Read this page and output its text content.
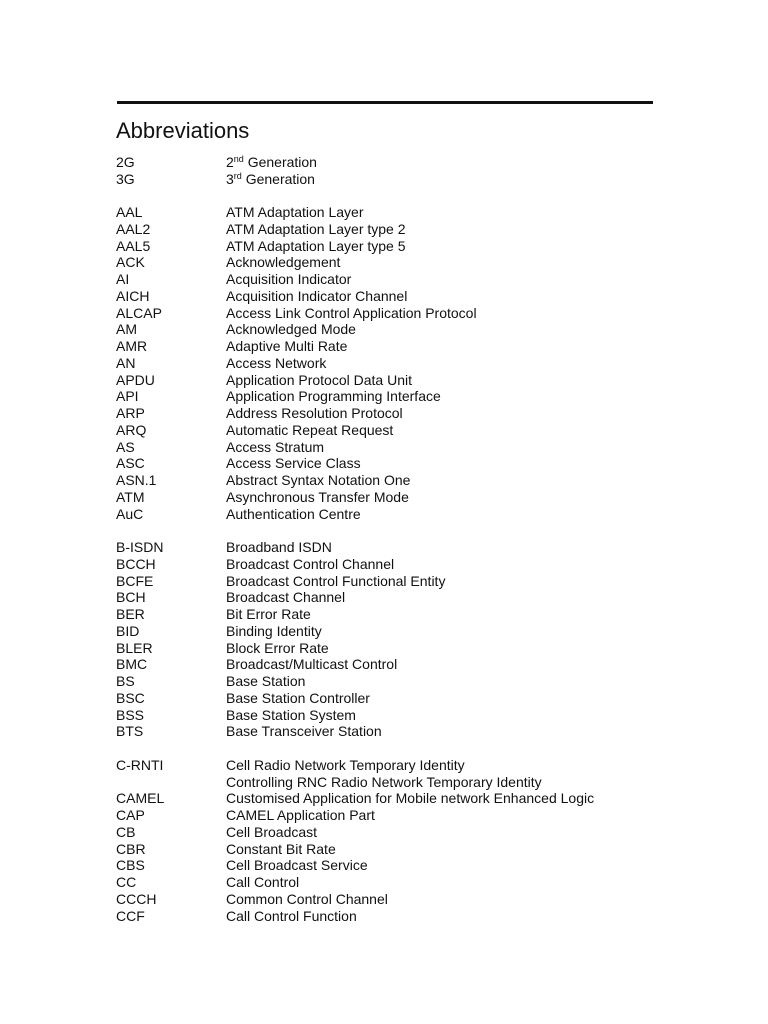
Abbreviations
2G	2nd Generation
3G	3rd Generation
AAL	ATM Adaptation Layer
AAL2	ATM Adaptation Layer type 2
AAL5	ATM Adaptation Layer type 5
ACK	Acknowledgement
AI	Acquisition Indicator
AICH	Acquisition Indicator Channel
ALCAP	Access Link Control Application Protocol
AM	Acknowledged Mode
AMR	Adaptive Multi Rate
AN	Access Network
APDU	Application Protocol Data Unit
API	Application Programming Interface
ARP	Address Resolution Protocol
ARQ	Automatic Repeat Request
AS	Access Stratum
ASC	Access Service Class
ASN.1	Abstract Syntax Notation One
ATM	Asynchronous Transfer Mode
AuC	Authentication Centre
B-ISDN	Broadband ISDN
BCCH	Broadcast Control Channel
BCFE	Broadcast Control Functional Entity
BCH	Broadcast Channel
BER	Bit Error Rate
BID	Binding Identity
BLER	Block Error Rate
BMC	Broadcast/Multicast Control
BS	Base Station
BSC	Base Station Controller
BSS	Base Station System
BTS	Base Transceiver Station
C-RNTI	Cell Radio Network Temporary Identity
Controlling RNC Radio Network Temporary Identity
CAMEL	Customised Application for Mobile network Enhanced Logic
CAP	CAMEL Application Part
CB	Cell Broadcast
CBR	Constant Bit Rate
CBS	Cell Broadcast Service
CC	Call Control
CCCH	Common Control Channel
CCF	Call Control Function
